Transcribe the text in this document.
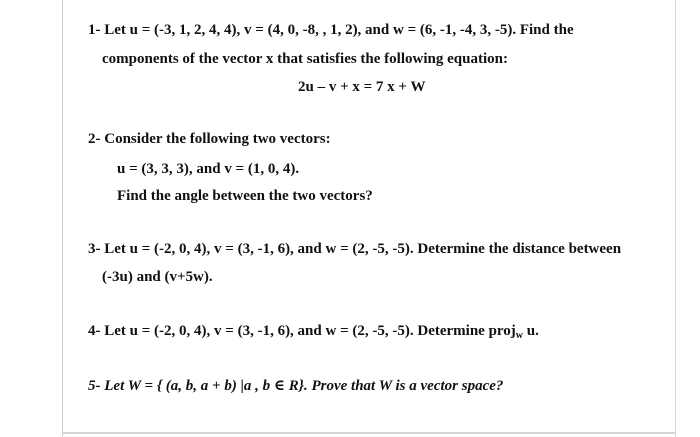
1- Let u = (-3, 1, 2, 4, 4), v = (4, 0, -8, , 1, 2), and w = (6, -1, -4, 3, -5). Find the
components of the vector x that satisfies the following equation:
2u – v + x = 7 x + W
2- Consider the following two vectors:
u = (3, 3, 3), and v = (1, 0, 4).
Find the angle between the two vectors?
3- Let u = (-2, 0, 4), v = (3, -1, 6), and w = (2, -5, -5). Determine the distance between
(-3u) and (v+5w).
4- Let u = (-2, 0, 4), v = (3, -1, 6), and w = (2, -5, -5). Determine proj$_w$ u.
5- Let W = { (a, b, a + b) |a , b ∈ R}. Prove that W is a vector space?
